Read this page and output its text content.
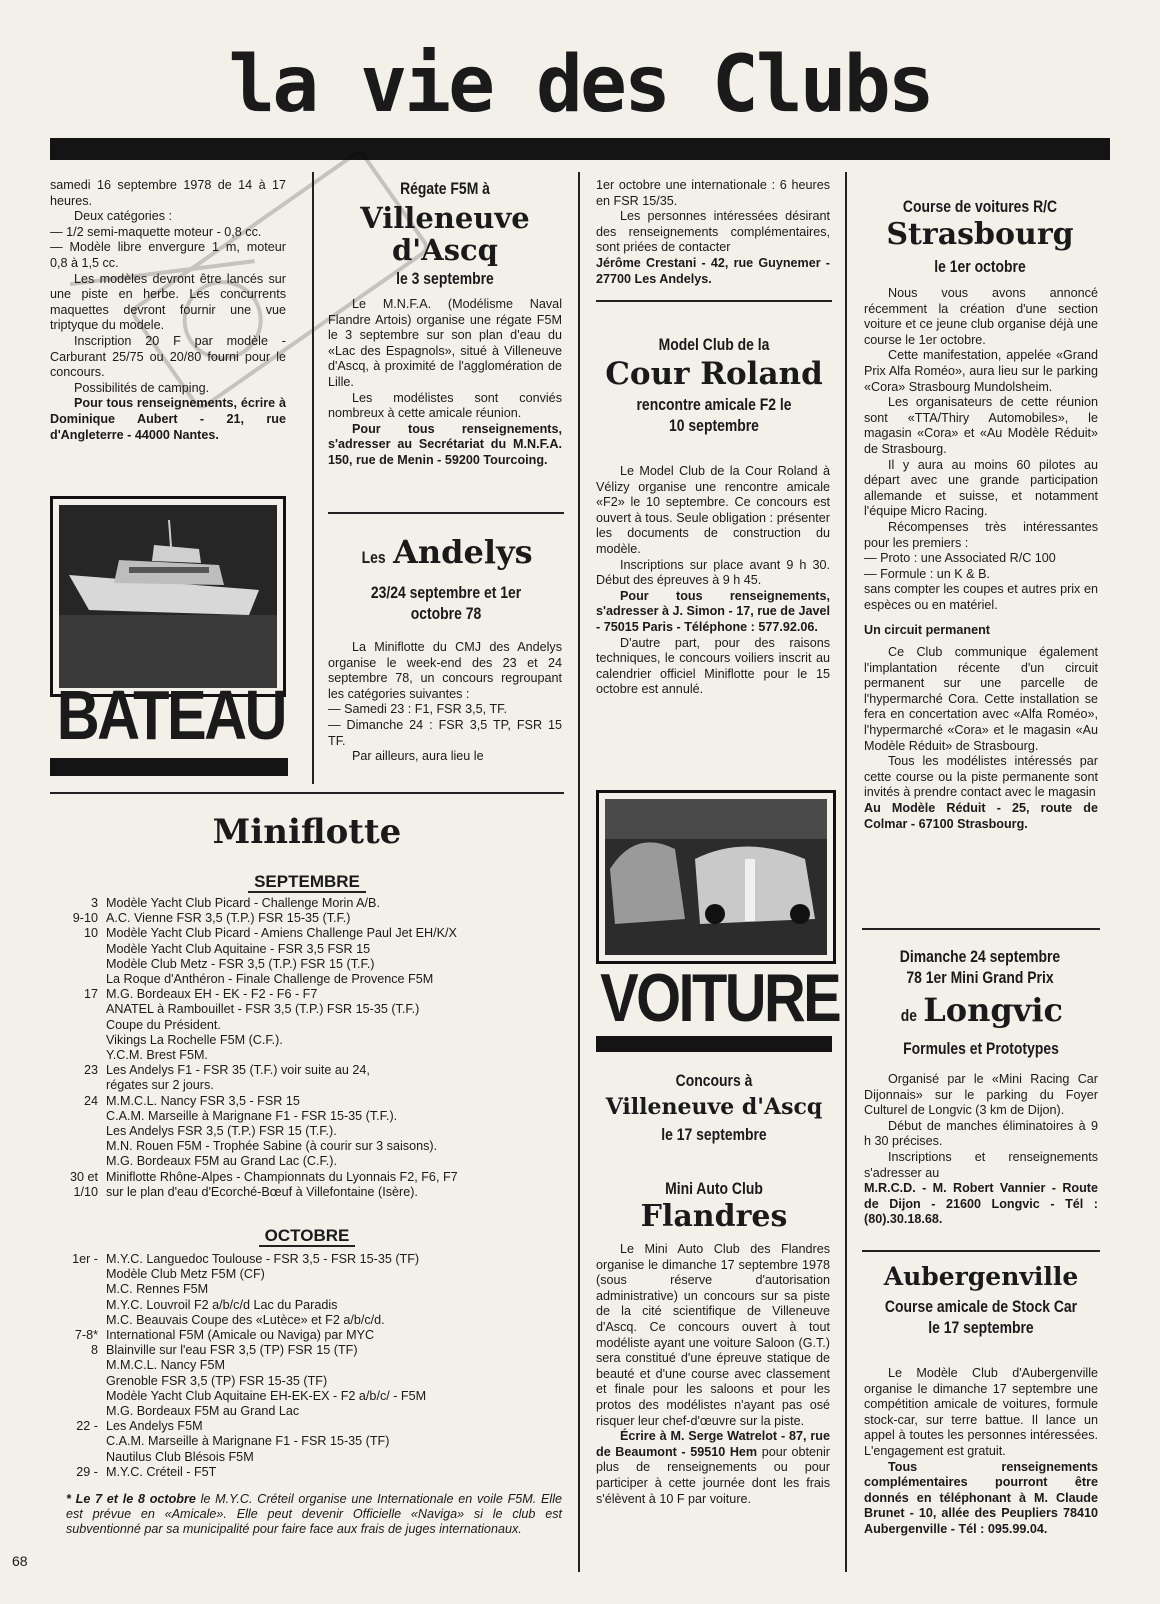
la vie des Clubs

samedi 16 septembre 1978 de 14 à 17 heures.

Deux catégories :

— 1/2 semi-maquette moteur - 0,8 cc.

— Modèle libre envergure 1 m, moteur 0,8 à 1,5 cc.

Les modèles devront être lancés sur une piste en herbe. Les concurrents maquettes devront fournir une vue triptyque du modele.

Inscription 20 F par modèle - Carburant 25/75 ou 20/80 fourni pour le concours.

Possibilités de camping.

Pour tous renseignements, écrire à Dominique Aubert - 21, rue d'Angleterre - 44000 Nantes.

BATEAU
Régate F5M à
Villeneuve d'Ascq
le 3 septembre

Le M.N.F.A. (Modélisme Naval Flandre Artois) organise une régate F5M le 3 septembre sur son plan d'eau du «Lac des Espagnols», situé à Villeneuve d'Ascq, à proximité de l'agglomération de Lille.

Les modélistes sont conviés nombreux à cette amicale réunion.

Pour tous renseignements, s'adresser au Secrétariat du M.N.F.A. 150, rue de Menin - 59200 Tourcoing.

Les Andelys
23/24 septembre et 1er octobre 78

La Miniflotte du CMJ des Andelys organise le week-end des 23 et 24 septembre 78, un concours regroupant les catégories suivantes :

— Samedi 23 : F1, FSR 3,5, TF.

— Dimanche 24 : FSR 3,5 TP, FSR 15 TF.

Par ailleurs, aura lieu le

Miniflotte
SEPTEMBRE
3 Modèle Yacht Club Picard - Challenge Morin A/B.
9-10 A.C. Vienne FSR 3,5 (T.P.) FSR 15-35 (T.F.)
10 Modèle Yacht Club Picard - Amiens Challenge Paul Jet EH/K/X
Modèle Yacht Club Aquitaine - FSR 3,5 FSR 15
Modèle Club Metz - FSR 3,5 (T.P.) FSR 15 (T.F.)
La Roque d'Anthéron - Finale Challenge de Provence F5M
17 M.G. Bordeaux EH - EK - F2 - F6 - F7
ANATEL à Rambouillet - FSR 3,5 (T.P.) FSR 15-35 (T.F.)
Coupe du Président.
Vikings La Rochelle F5M (C.F.).
Y.C.M. Brest F5M.
23 Les Andelys F1 - FSR 35 (T.F.) voir suite au 24,
régates sur 2 jours.
24 M.M.C.L. Nancy FSR 3,5 - FSR 15
C.A.M. Marseille à Marignane F1 - FSR 15-35 (T.F.).
Les Andelys FSR 3,5 (T.P.) FSR 15 (T.F.).
M.N. Rouen F5M - Trophée Sabine (à courir sur 3 saisons).
M.G. Bordeaux F5M au Grand Lac (C.F.).
30 et Miniflotte Rhône-Alpes - Championnats du Lyonnais F2, F6, F7
1/10 sur le plan d'eau d'Ecorché-Bœuf à Villefontaine (Isère).
OCTOBRE
1er - M.Y.C. Languedoc Toulouse - FSR 3,5 - FSR 15-35 (TF)
Modèle Club Metz F5M (CF)
M.C. Rennes F5M
M.Y.C. Louvroil F2 a/b/c/d Lac du Paradis
M.C. Beauvais Coupe des «Lutèce» et F2 a/b/c/d.
7-8* International F5M (Amicale ou Naviga) par MYC
8 Blainville sur l'eau FSR 3,5 (TP) FSR 15 (TF)
M.M.C.L. Nancy F5M
Grenoble FSR 3,5 (TP) FSR 15-35 (TF)
Modèle Yacht Club Aquitaine EH-EK-EX - F2 a/b/c/ - F5M
M.G. Bordeaux F5M au Grand Lac
22 - Les Andelys F5M
C.A.M. Marseille à Marignane F1 - FSR 15-35 (TF)
Nautilus Club Blésois F5M
29 - M.Y.C. Créteil - F5T
* Le 7 et le 8 octobre le M.Y.C. Créteil organise une Internationale en voile F5M. Elle est prévue en «Amicale». Elle peut devenir Officielle «Naviga» si le club est subventionné par sa municipalité pour faire face aux frais de juges internationaux.
68

1er octobre une internationale : 6 heures en FSR 15/35.

Les personnes intéressées désirant des renseignements complémentaires, sont priées de contacter

Jérôme Crestani - 42, rue Guynemer - 27700 Les Andelys.

Model Club de la
Cour Roland
rencontre amicale F2 le 10 septembre

Le Model Club de la Cour Roland à Vélizy organise une rencontre amicale «F2» le 10 septembre. Ce concours est ouvert à tous. Seule obligation : présenter les documents de construction du modèle.

Inscriptions sur place avant 9 h 30. Début des épreuves à 9 h 45.

Pour tous renseignements, s'adresser à J. Simon - 17, rue de Javel - 75015 Paris - Téléphone : 577.92.06.

D'autre part, pour des raisons techniques, le concours voiliers inscrit au calendrier officiel Miniflotte pour le 15 octobre est annulé.

VOITURE
Concours à
Villeneuve d'Ascq
le 17 septembre
Mini Auto Club
Flandres

Le Mini Auto Club des Flandres organise le dimanche 17 septembre 1978 (sous réserve d'autorisation administrative) un concours sur sa piste de la cité scientifique de Villeneuve d'Ascq. Ce concours ouvert à tout modéliste ayant une voiture Saloon (G.T.) sera constitué d'une épreuve statique de beauté et d'une course avec classement et finale pour les saloons et pour les protos des modélistes n'ayant pas osé risquer leur chef-d'œuvre sur la piste.

Écrire à M. Serge Watrelot - 87, rue de Beaumont - 59510 Hem pour obtenir plus de renseignements ou pour participer à cette journée dont les frais s'élèvent à 10 F par voiture.

Course de voitures R/C
Strasbourg
le 1er octobre

Nous vous avons annoncé récemment la création d'une section voiture et ce jeune club organise déjà une course le 1er octobre.

Cette manifestation, appelée «Grand Prix Alfa Roméo», aura lieu sur le parking «Cora» Strasbourg Mundolsheim.

Les organisateurs de cette réunion sont «TTA/Thiry Automobiles», le magasin «Cora» et «Au Modèle Réduit» de Strasbourg.

Il y aura au moins 60 pilotes au départ avec une grande participation allemande et suisse, et notamment l'équipe Micro Racing.

Récompenses très intéressantes pour les premiers :

— Proto : une Associated R/C 100

— Formule : un K & B.

sans compter les coupes et autres prix en espèces ou en matériel.

Un circuit permanent

Ce Club communique également l'implantation récente d'un circuit permanent sur une parcelle de l'hypermarché Cora. Cette installation se fera en concertation avec «Alfa Roméo», l'hypermarché «Cora» et le magasin «Au Modèle Réduit» de Strasbourg.

Tous les modélistes intéressés par cette course ou la piste permanente sont invités à prendre contact avec le magasin

Au Modèle Réduit - 25, route de Colmar - 67100 Strasbourg.

Dimanche 24 septembre 78 1er Mini Grand Prix
de Longvic
Formules et Prototypes

Organisé par le «Mini Racing Car Dijonnais» sur le parking du Foyer Culturel de Longvic (3 km de Dijon).

Début de manches éliminatoires à 9 h 30 précises.

Inscriptions et renseignements s'adresser au

M.R.C.D. - M. Robert Vannier - Route de Dijon - 21600 Longvic - Tél : (80).30.18.68.

Aubergenville
Course amicale de Stock Car le 17 septembre

Le Modèle Club d'Aubergenville organise le dimanche 17 septembre une compétition amicale de voitures, formule stock-car, sur terre battue. Il lance un appel à toutes les personnes intéressées. L'engagement est gratuit.

Tous renseignements complémentaires pourront être donnés en téléphonant à M. Claude Brunet - 10, allée des Peupliers 78410 Aubergenville - Tél : 095.99.04.
